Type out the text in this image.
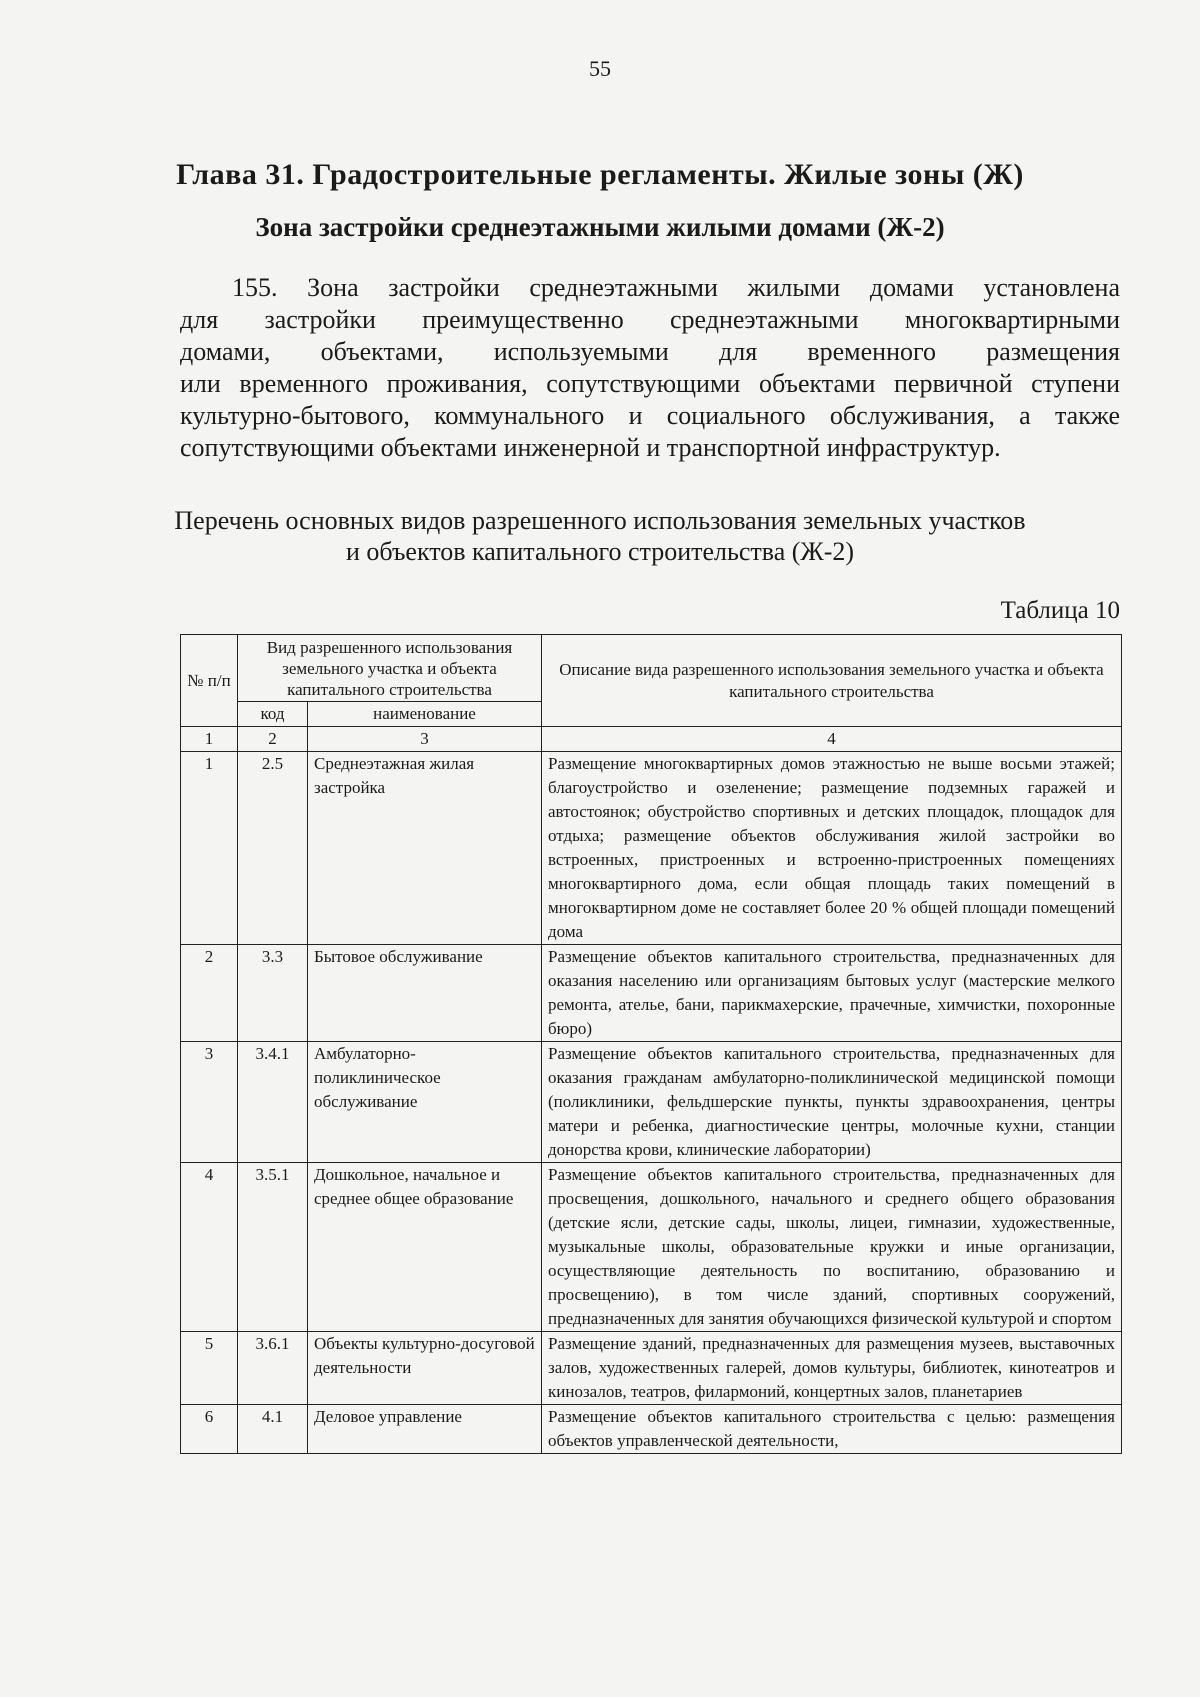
55
Глава 31. Градостроительные регламенты. Жилые зоны (Ж)
Зона застройки среднеэтажными жилыми домами (Ж-2)
155. Зона застройки среднеэтажными жилыми домами установлена
для застройки преимущественно среднеэтажными многоквартирными
домами, объектами, используемыми для временного размещения
или временного проживания, сопутствующими объектами первичной ступени
культурно-бытового, коммунального и социального обслуживания, а также
сопутствующими объектами инженерной и транспортной инфраструктур.
Перечень основных видов разрешенного использования земельных участков
и объектов капитального строительства (Ж-2)
Таблица 10
№ п/п	Вид разрешенного использования земельного участка и объекта капитального строительства		Описание вида разрешенного использования земельного участка и объекта капитального строительства
	код	наименование	
1	2	3	4
1	2.5	Среднеэтажная жилая застройка	Размещение многоквартирных домов этажностью не выше восьми этажей; благоустройство и озеленение; размещение подземных гаражей и автостоянок; обустройство спортивных и детских площадок, площадок для отдыха; размещение объектов обслуживания жилой застройки во встроенных, пристроенных и встроенно-пристроенных помещениях многоквартирного дома, если общая площадь таких помещений в многоквартирном доме не составляет более 20 % общей площади помещений дома
2	3.3	Бытовое обслуживание	Размещение объектов капитального строительства, предназначенных для оказания населению или организациям бытовых услуг (мастерские мелкого ремонта, ателье, бани, парикмахерские, прачечные, химчистки, похоронные бюро)
3	3.4.1	Амбулаторно-поликлиническое обслуживание	Размещение объектов капитального строительства, предназначенных для оказания гражданам амбулаторно-поликлинической медицинской помощи (поликлиники, фельдшерские пункты, пункты здравоохранения, центры матери и ребенка, диагностические центры, молочные кухни, станции донорства крови, клинические лаборатории)
4	3.5.1	Дошкольное, начальное и среднее общее образование	Размещение объектов капитального строительства, предназначенных для просвещения, дошкольного, начального и среднего общего образования (детские ясли, детские сады, школы, лицеи, гимназии, художественные, музыкальные школы, образовательные кружки и иные организации, осуществляющие деятельность по воспитанию, образованию и просвещению), в том числе зданий, спортивных сооружений, предназначенных для занятия обучающихся физической культурой и спортом
5	3.6.1	Объекты культурно-досуговой деятельности	Размещение зданий, предназначенных для размещения музеев, выставочных залов, художественных галерей, домов культуры, библиотек, кинотеатров и кинозалов, театров, филармоний, концертных залов, планетариев
6	4.1	Деловое управление	Размещение объектов капитального строительства с целью: размещения объектов управленческой деятельности,
